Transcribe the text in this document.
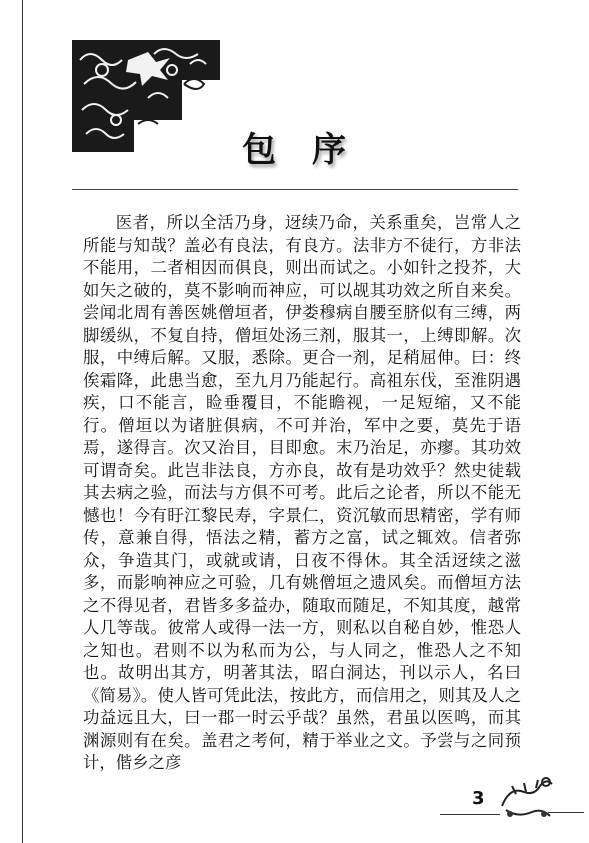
包 序

医者，所以全活乃身，迓续乃命，关系重矣，岂常人之所能与知哉？盖必有良法，有良方。法非方不徒行，方非法不能用，二者相因而俱良，则出而试之。小如针之投芥，大如矢之破的，莫不影响而神应，可以觇其功效之所自来矣。尝闻北周有善医姚僧垣者，伊娄穆病自腰至脐似有三缚，两脚缓纵，不复自持，僧垣处汤三剂，服其一，上缚即解。次服，中缚后解。又服，悉除。更合一剂，足稍屈伸。曰：终俟霜降，此患当愈，至九月乃能起行。高祖东伐，至淮阴遇疾，口不能言，睑垂覆目，不能瞻视，一足短缩，又不能行。僧垣以为诸脏俱病，不可并治，军中之要，莫先于语焉，遂得言。次又治目，目即愈。末乃治足，亦瘳。其功效可谓奇矣。此岂非法良，方亦良，故有是功效乎？然史徒载其去病之验，而法与方俱不可考。此后之论者，所以不能无憾也！今有盱江黎民寿，字景仁，资沉敏而思精密，学有师传，意兼自得，悟法之精，蓄方之富，试之辄效。信者弥众，争造其门，或就或请，日夜不得休。其全活迓续之滋多，而影响神应之可验，几有姚僧垣之遗风矣。而僧垣方法之不得见者，君皆多多益办，随取而随足，不知其度，越常人几等哉。彼常人或得一法一方，则私以自秘自妙，惟恐人之知也。君则不以为私而为公，与人同之，惟恐人之不知也。故明出其方，明著其法，昭白洞达，刊以示人，名曰《简易》。使人皆可凭此法，按此方，而信用之，则其及人之功益远且大，曰一郡一时云乎哉？虽然，君虽以医鸣，而其渊源则有在矣。盖君之考何，精于举业之文。予尝与之同预计，偕乡之彦

3
